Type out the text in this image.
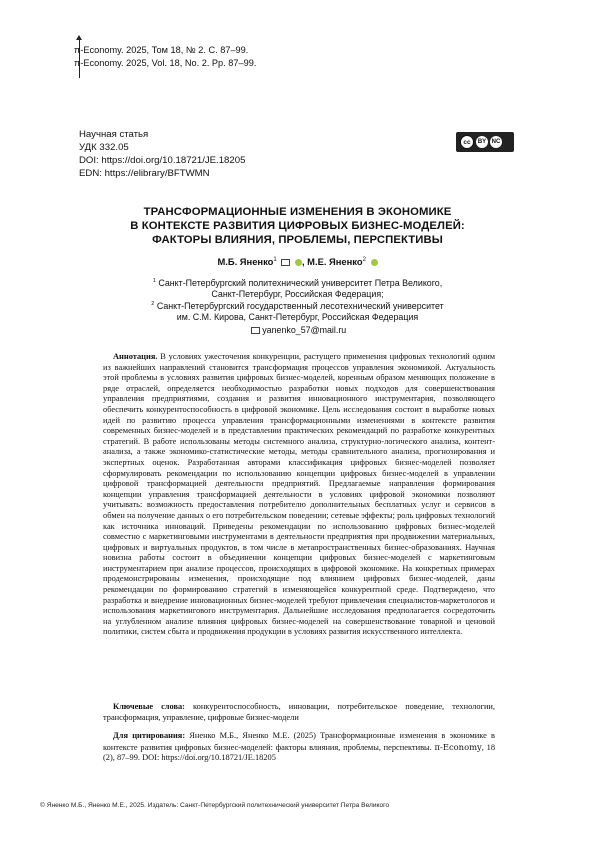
π-Economy. 2025, Том 18, № 2. С. 87–99.
π-Economy. 2025, Vol. 18, No. 2. Pp. 87–99.
Научная статья
УДК 332.05
DOI: https://doi.org/10.18721/JE.18205
EDN: https://elibrary/BFTWMN
cc	BY NC
ТРАНСФОРМАЦИОННЫЕ ИЗМЕНЕНИЯ В ЭКОНОМИКЕ
В КОНТЕКСТЕ РАЗВИТИЯ ЦИФРОВЫХ БИЗНЕС-МОДЕЛЕЙ:
ФАКТОРЫ ВЛИЯНИЯ, ПРОБЛЕМЫ, ПЕРСПЕКТИВЫ
М.Б. Яненко$^1$	, М.Е. Яненко$^2$
$^1$ Санкт-Петербургский политехнический университет Петра Великого,
Санкт-Петербург, Российская Федерация;
$^2$ Санкт-Петербургский государственный лесотехнический университет
им. С.М. Кирова, Санкт-Петербург, Российская Федерация
yanenko_57@mail.ru
Аннотация. В условиях ужесточения конкуренции, растущего применения цифровых технологий одним из важнейших направлений становится трансформация процессов управления экономикой. Актуальность этой проблемы в условиях развития цифровых бизнес-моделей, коренным образом меняющих положение в ряде отраслей, определяется необходимостью разработки новых подходов для совершенствования управления предприятиями, создания и развития инновационного инструментария, позволяющего обеспечить конкурентоспособность в цифровой экономике. Цель исследования состоит в выработке новых идей по развитию процесса управления трансформационными изменениями в контексте развития современных бизнес-моделей и в представлении практических рекомендаций по разработке конкурентных стратегий. В работе использованы методы системного анализа, структурно-логического анализа, контент-анализа, а также экономико-статистические методы, методы сравнительного анализа, прогнозирования и экспертных оценок. Разработанная авторами классификация цифровых бизнес-моделей позволяет сформулировать рекомендации по использованию концепции цифровых бизнес-моделей в управлении цифровой трансформацией деятельности предприятий. Предлагаемые направления формирования концепции управления трансформацией деятельности в условиях цифровой экономики позволяют учитывать: возможность предоставления потребителю дополнительных бесплатных услуг и сервисов в обмен на получение данных о его потребительском поведении; сетевые эффекты; роль цифровых технологий как источника инноваций. Приведены рекомендации по использованию цифровых бизнес-моделей совместно с маркетинговыми инструментами в деятельности предприятия при продвижении материальных, цифровых и виртуальных продуктов, в том числе в метапространственных бизнес-образованиях. Научная новизна работы состоит в объединении концепции цифровых бизнес-моделей с маркетинговым инструментарием при анализе процессов, происходящих в цифровой экономике. На конкретных примерах продемонстрированы изменения, происходящие под влиянием цифровых бизнес-моделей, даны рекомендации по формированию стратегий в изменяющейся конкурентной среде. Подтверждено, что разработка и внедрение инновационных бизнес-моделей требуют привлечения специалистов-маркетологов и использования маркетингового инструментария. Дальнейшие исследования предполагается сосредоточить на углубленном анализе влияния цифровых бизнес-моделей на совершенствование товарной и ценовой политики, систем сбыта и продвижения продукции в условиях развития искусственного интеллекта.
Ключевые слова: конкурентоспособность, инновации, потребительское поведение, технологии, трансформация, управление, цифровые бизнес-модели
Для цитирования: Яненко М.Б., Яненко М.Е. (2025) Трансформационные изменения в экономике в контексте развития цифровых бизнес-моделей: факторы влияния, проблемы, перспективы. π-Economy, 18 (2), 87–99. DOI: https://doi.org/10.18721/JE.18205
© Яненко М.Б., Яненко М.Е., 2025. Издатель: Санкт-Петербургский политехнический университет Петра Великого
